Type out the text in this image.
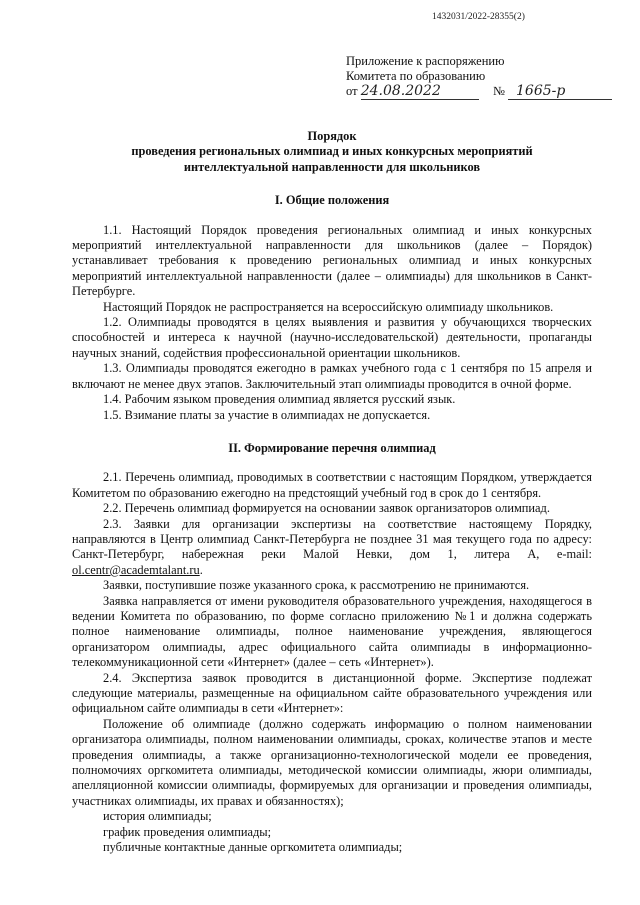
1432031/2022-28355(2)
Приложение к распоряжению
Комитета по образованию
от 24.08.2022	№ 1665-р

Порядок

проведения региональных олимпиад и иных конкурсных мероприятий

интеллектуальной направленности для школьников

I. Общие положения

1.1. Настоящий Порядок проведения региональных олимпиад и иных конкурсных мероприятий интеллектуальной направленности для школьников (далее – Порядок) устанавливает требования к проведению региональных олимпиад и иных конкурсных мероприятий интеллектуальной направленности (далее – олимпиады) для школьников в Санкт-Петербурге.

Настоящий Порядок не распространяется на всероссийскую олимпиаду школьников.

1.2. Олимпиады проводятся в целях выявления и развития у обучающихся творческих способностей и интереса к научной (научно-исследовательской) деятельности, пропаганды научных знаний, содействия профессиональной ориентации школьников.

1.3. Олимпиады проводятся ежегодно в рамках учебного года с 1 сентября по 15 апреля и включают не менее двух этапов. Заключительный этап олимпиады проводится в очной форме.

1.4. Рабочим языком проведения олимпиад является русский язык.

1.5. Взимание платы за участие в олимпиадах не допускается.

II. Формирование перечня олимпиад

2.1. Перечень олимпиад, проводимых в соответствии с настоящим Порядком, утверждается Комитетом по образованию ежегодно на предстоящий учебный год в срок до 1 сентября.

2.2. Перечень олимпиад формируется на основании заявок организаторов олимпиад.

2.3. Заявки для организации экспертизы на соответствие настоящему Порядку, направляются в Центр олимпиад Санкт-Петербурга не позднее 31 мая текущего года по адресу: Санкт-Петербург, набережная реки Малой Невки, дом 1, литера А, e-mail: ol.centr@academtalant.ru.

Заявки, поступившие позже указанного срока, к рассмотрению не принимаются.

Заявка направляется от имени руководителя образовательного учреждения, находящегося в ведении Комитета по образованию, по форме согласно приложению №1 и должна содержать полное наименование олимпиады, полное наименование учреждения, являющегося организатором олимпиады, адрес официального сайта олимпиады в информационно-телекоммуникационной сети «Интернет» (далее – сеть «Интернет»).

2.4. Экспертиза заявок проводится в дистанционной форме. Экспертизе подлежат следующие материалы, размещенные на официальном сайте образовательного учреждения или официальном сайте олимпиады в сети «Интернет»:

Положение об олимпиаде (должно содержать информацию о полном наименовании организатора олимпиады, полном наименовании олимпиады, сроках, количестве этапов и месте проведения олимпиады, а также организационно-технологической модели ее проведения, полномочиях оргкомитета олимпиады, методической комиссии олимпиады, жюри олимпиады, апелляционной комиссии олимпиады, формируемых для организации и проведения олимпиады, участниках олимпиады, их правах и обязанностях);

история олимпиады;

график проведения олимпиады;

публичные контактные данные оргкомитета олимпиады;
